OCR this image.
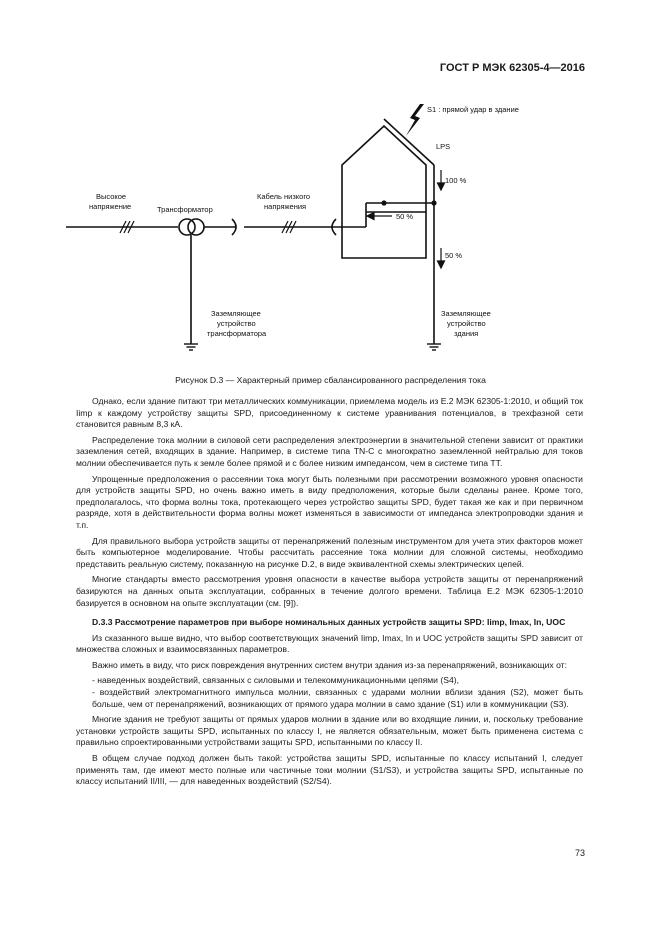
ГОСТ Р МЭК 62305-4—2016
S1 : прямой удар в здание
LPS
Высокое
напряжение	Трансформатор
Кабель низкого
напряжения
100 %
50 %
50 %
Заземляющее
устройство
трансформатора
Заземляющее
устройство
здания
Рисунок D.3 — Характерный пример сбалансированного распределения тока

Однако, если здание питают три металлических коммуникации, приемлема модель из Е.2 МЭК 62305-1:2010, и общий ток Iimp к каждому устройству защиты SPD, присоединенному к системе уравнивания потенциалов, в трехфазной сети становится равным 8,3 кА.

Распределение тока молнии в силовой сети распределения электроэнергии в значительной степени зависит от практики заземления сетей, входящих в здание. Например, в системе типа TN-C с многократно заземленной нейтралью для токов молнии обеспечивается путь к земле более прямой и с более низким импедансом, чем в системе типа ТТ.

Упрощенные предположения о рассеянии тока могут быть полезными при рассмотрении возможного уровня опасности для устройств защиты SPD, но очень важно иметь в виду предположения, которые были сделаны ранее. Кроме того, предполагалось, что форма волны тока, протекающего через устройство защиты SPD, будет такая же как и при первичном разряде, хотя в действительности форма волны может изменяться в зависимости от импеданса электропроводки здания и т.п.

Для правильного выбора устройств защиты от перенапряжений полезным инструментом для учета этих факторов может быть компьютерное моделирование. Чтобы рассчитать рассеяние тока молнии для сложной системы, необходимо представить реальную систему, показанную на рисунке D.2, в виде эквивалентной схемы электрических цепей.

Многие стандарты вместо рассмотрения уровня опасности в качестве выбора устройств защиты от перенапряжений базируются на данных опыта эксплуатации, собранных в течение долгого времени. Таблица Е.2 МЭК 62305-1:2010 базируется в основном на опыте эксплуатации (см. [9]).

D.3.3 Рассмотрение параметров при выборе номинальных данных устройств защиты SPD: Iimp, Imax, In, UOC

Из сказанного выше видно, что выбор соответствующих значений Iimp, Imax, In и UOC устройств защиты SPD зависит от множества сложных и взаимосвязанных параметров.

Важно иметь в виду, что риск повреждения внутренних систем внутри здания из-за перенапряжений, возникающих от:

- наведенных воздействий, связанных с силовыми и телекоммуникационными цепями (S4),

- воздействий электромагнитного импульса молнии, связанных с ударами молнии вблизи здания (S2), может быть больше, чем от перенапряжений, возникающих от прямого удара молнии в само здание (S1) или в коммуникации (S3).

Многие здания не требуют защиты от прямых ударов молнии в здание или во входящие линии, и, поскольку требование установки устройств защиты SPD, испытанных по классу I, не является обязательным, может быть применена система с правильно спроектированными устройствами защиты SPD, испытанными по классу II.

В общем случае подход должен быть такой: устройства защиты SPD, испытанные по классу испытаний I, следует применять там, где имеют место полные или частичные токи молнии (S1/S3), и устройства защиты SPD, испытанные по классу испытаний II/III, — для наведенных воздействий (S2/S4).

73
